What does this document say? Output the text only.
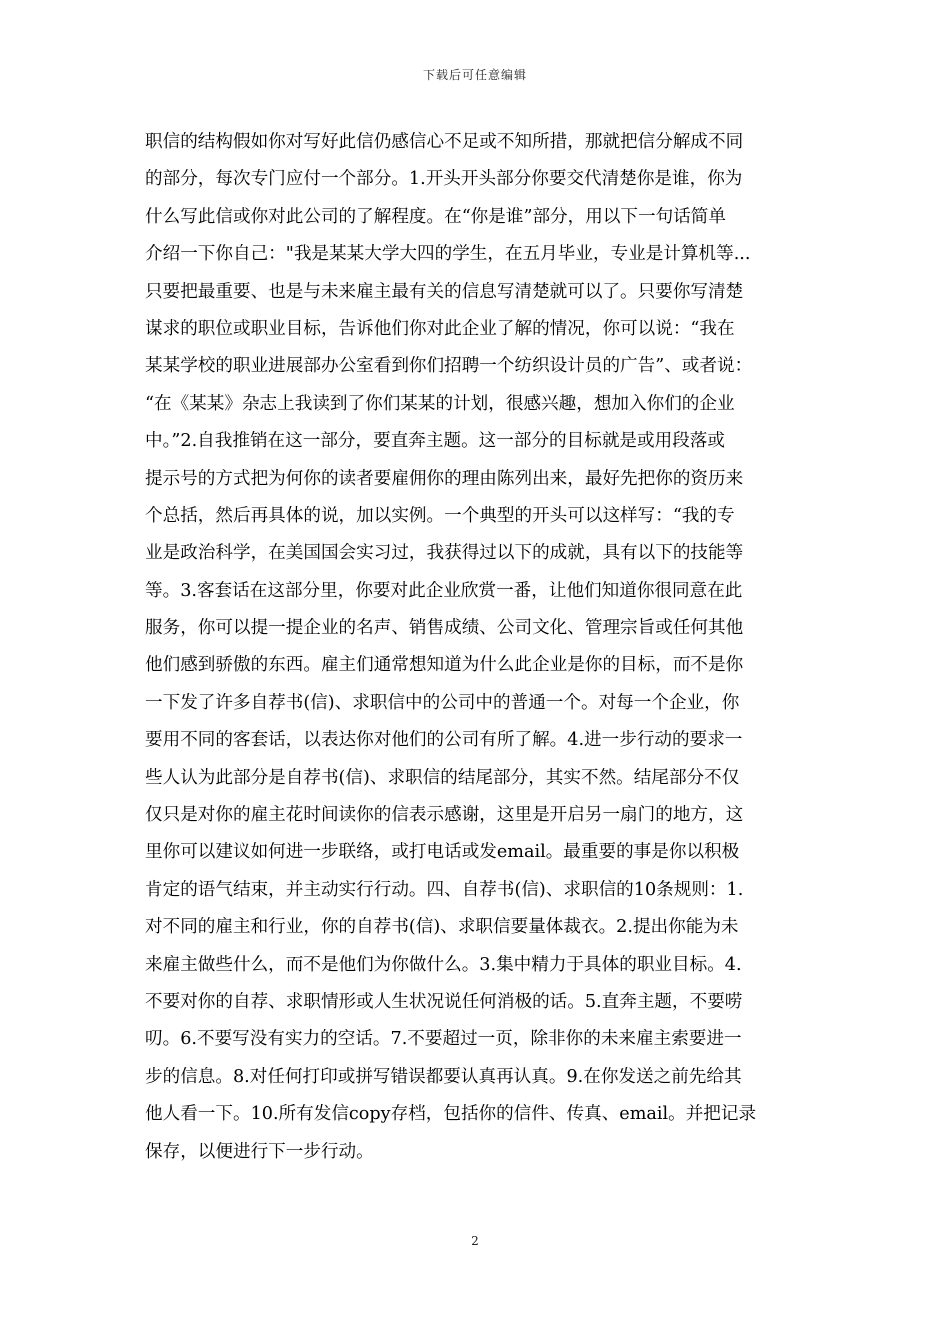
下载后可任意编辑
职信的结构假如你对写好此信仍感信心不足或不知所措，那就把信分解成不同
的部分，每次专门应付一个部分。1.开头开头部分你要交代清楚你是谁，你为
什么写此信或你对此公司的了解程度。在“你是谁”部分，用以下一句话简单
介绍一下你自己："我是某某大学大四的学生，在五月毕业，专业是计算机等...
只要把最重要、也是与未来雇主最有关的信息写清楚就可以了。只要你写清楚
谋求的职位或职业目标，告诉他们你对此企业了解的情况，你可以说：“我在
某某学校的职业进展部办公室看到你们招聘一个纺织设计员的广告”、或者说：
“在《某某》杂志上我读到了你们某某的计划，很感兴趣，想加入你们的企业
中。”2.自我推销在这一部分，要直奔主题。这一部分的目标就是或用段落或
提示号的方式把为何你的读者要雇佣你的理由陈列出来，最好先把你的资历来
个总括，然后再具体的说，加以实例。一个典型的开头可以这样写：“我的专
业是政治科学，在美国国会实习过，我获得过以下的成就，具有以下的技能等
等。3.客套话在这部分里，你要对此企业欣赏一番，让他们知道你很同意在此
服务，你可以提一提企业的名声、销售成绩、公司文化、管理宗旨或任何其他
他们感到骄傲的东西。雇主们通常想知道为什么此企业是你的目标，而不是你
一下发了许多自荐书(信)、求职信中的公司中的普通一个。对每一个企业，你
要用不同的客套话，以表达你对他们的公司有所了解。4.进一步行动的要求一
些人认为此部分是自荐书(信)、求职信的结尾部分，其实不然。结尾部分不仅
仅只是对你的雇主花时间读你的信表示感谢，这里是开启另一扇门的地方，这
里你可以建议如何进一步联络，或打电话或发email。最重要的事是你以积极
肯定的语气结束，并主动实行行动。四、自荐书(信)、求职信的10条规则：1.
对不同的雇主和行业，你的自荐书(信)、求职信要量体裁衣。2.提出你能为未
来雇主做些什么，而不是他们为你做什么。3.集中精力于具体的职业目标。4.
不要对你的自荐、求职情形或人生状况说任何消极的话。5.直奔主题，不要唠
叨。6.不要写没有实力的空话。7.不要超过一页，除非你的未来雇主索要进一
步的信息。8.对任何打印或拼写错误都要认真再认真。9.在你发送之前先给其
他人看一下。10.所有发信copy存档，包括你的信件、传真、email。并把记录
保存，以便进行下一步行动。
2
